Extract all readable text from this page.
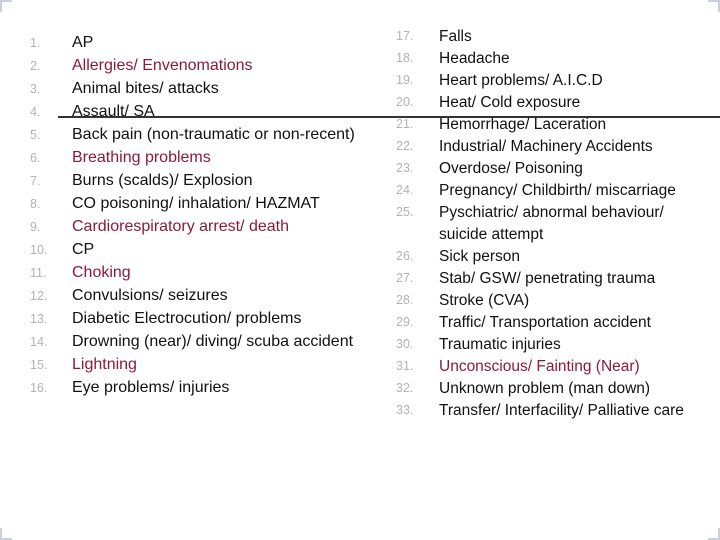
1.	AP
2.	Allergies/ Envenomations
3.	Animal bites/ attacks
4.	Assault/ SA
5.	Back pain (non-traumatic or non-recent)
6.	Breathing problems
7.	Burns (scalds)/ Explosion
8.	CO poisoning/ inhalation/ HAZMAT
9.	Cardiorespiratory arrest/ death
10.	CP
11.	Choking
12.	Convulsions/ seizures
13.	Diabetic Electrocution/ problems
14.	Drowning (near)/ diving/ scuba accident
15.	Lightning
16.	Eye problems/ injuries
17.	Falls
18.	Headache
19.	Heart problems/ A.I.C.D
20.	Heat/ Cold exposure
21.	Hemorrhage/ Laceration
22.	Industrial/ Machinery Accidents
23.	Overdose/ Poisoning
24.	Pregnancy/ Childbirth/ miscarriage
25.	Pyschiatric/ abnormal behaviour/ suicide attempt
26.	Sick person
27.	Stab/ GSW/ penetrating trauma
28.	Stroke (CVA)
29.	Traffic/ Transportation accident
30.	Traumatic injuries
31.	Unconscious/ Fainting (Near)
32.	Unknown problem (man down)
33.	Transfer/ Interfacility/ Palliative care
